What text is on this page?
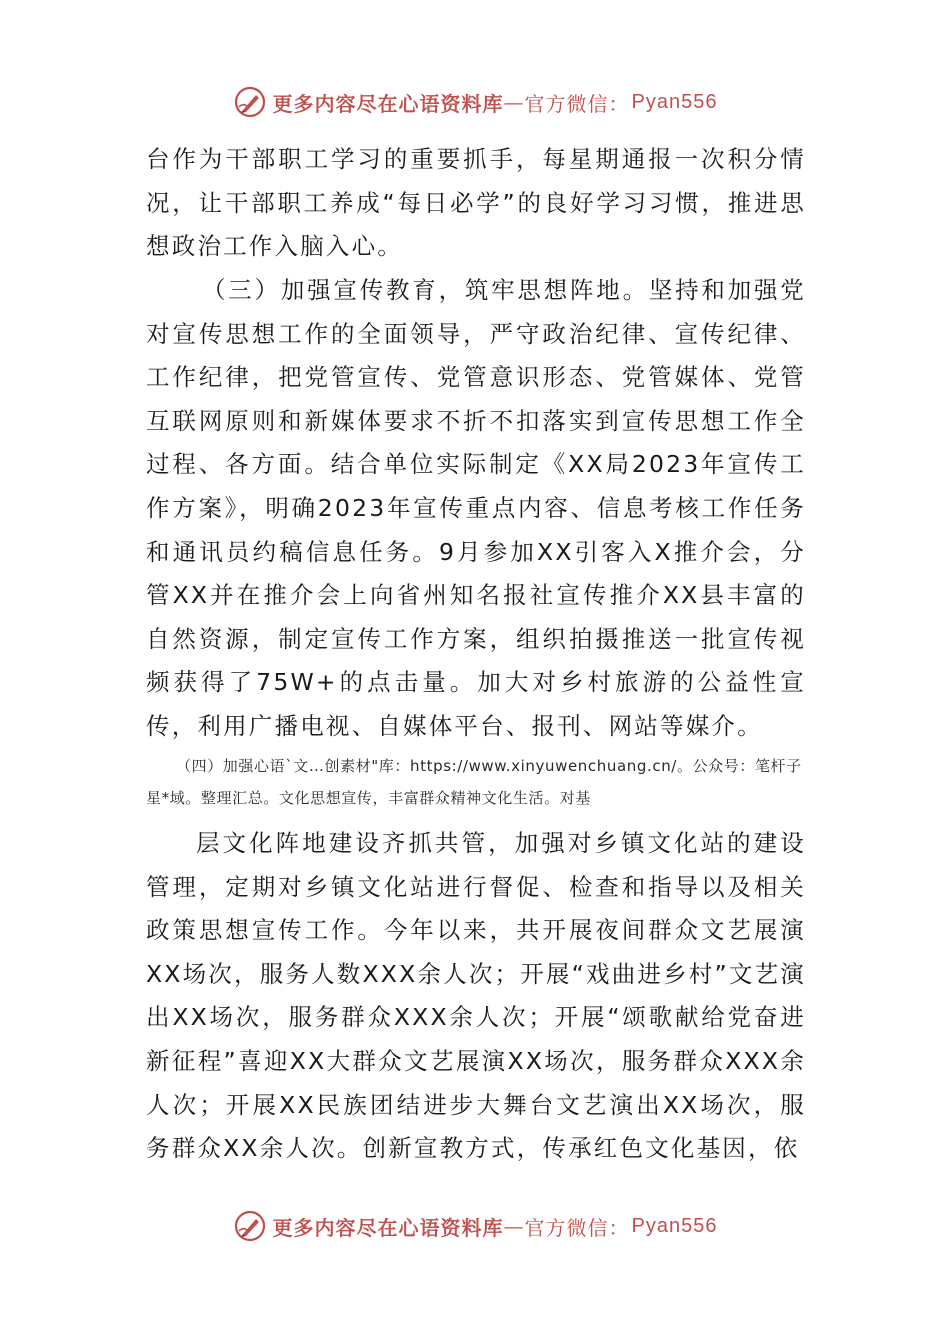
更多内容尽在心语资料库 — 官方微信： Pyan556

台作为干部职工学习的重要抓手，每星期通报一次积分情况，让干部职工养成“每日必学”的良好学习习惯，推进思想政治工作入脑入心。

（三）加强宣传教育，筑牢思想阵地。坚持和加强党对宣传思想工作的全面领导，严守政治纪律、宣传纪律、工作纪律，把党管宣传、党管意识形态、党管媒体、党管互联网原则和新媒体要求不折不扣落实到宣传思想工作全过程、各方面。结合单位实际制定《XX局2023年宣传工作方案》，明确2023年宣传重点内容、信息考核工作任务和通讯员约稿信息任务。9月参加XX引客入X推介会，分管XX并在推介会上向省州知名报社宣传推介XX县丰富的自然资源，制定宣传工作方案，组织拍摄推送一批宣传视频获得了75W+的点击量。加大对乡村旅游的公益性宣传，利用广播电视、自媒体平台、报刊、网站等媒介。

（四）加强心语`文…创素材"库：https://www.xinyuwenchuang.cn/。公众号：笔杆子星*域。整理汇总。文化思想宣传，丰富群众精神文化生活。对基

层文化阵地建设齐抓共管，加强对乡镇文化站的建设管理，定期对乡镇文化站进行督促、检查和指导以及相关政策思想宣传工作。今年以来，共开展夜间群众文艺展演XX场次，服务人数XXX余人次；开展“戏曲进乡村”文艺演出XX场次，服务群众XXX余人次；开展“颂歌献给党奋进新征程”喜迎XX大群众文艺展演XX场次，服务群众XXX余人次；开展XX民族团结进步大舞台文艺演出XX场次，服务群众XX余人次。创新宣教方式，传承红色文化基因，依

更多内容尽在心语资料库 — 官方微信： Pyan556
